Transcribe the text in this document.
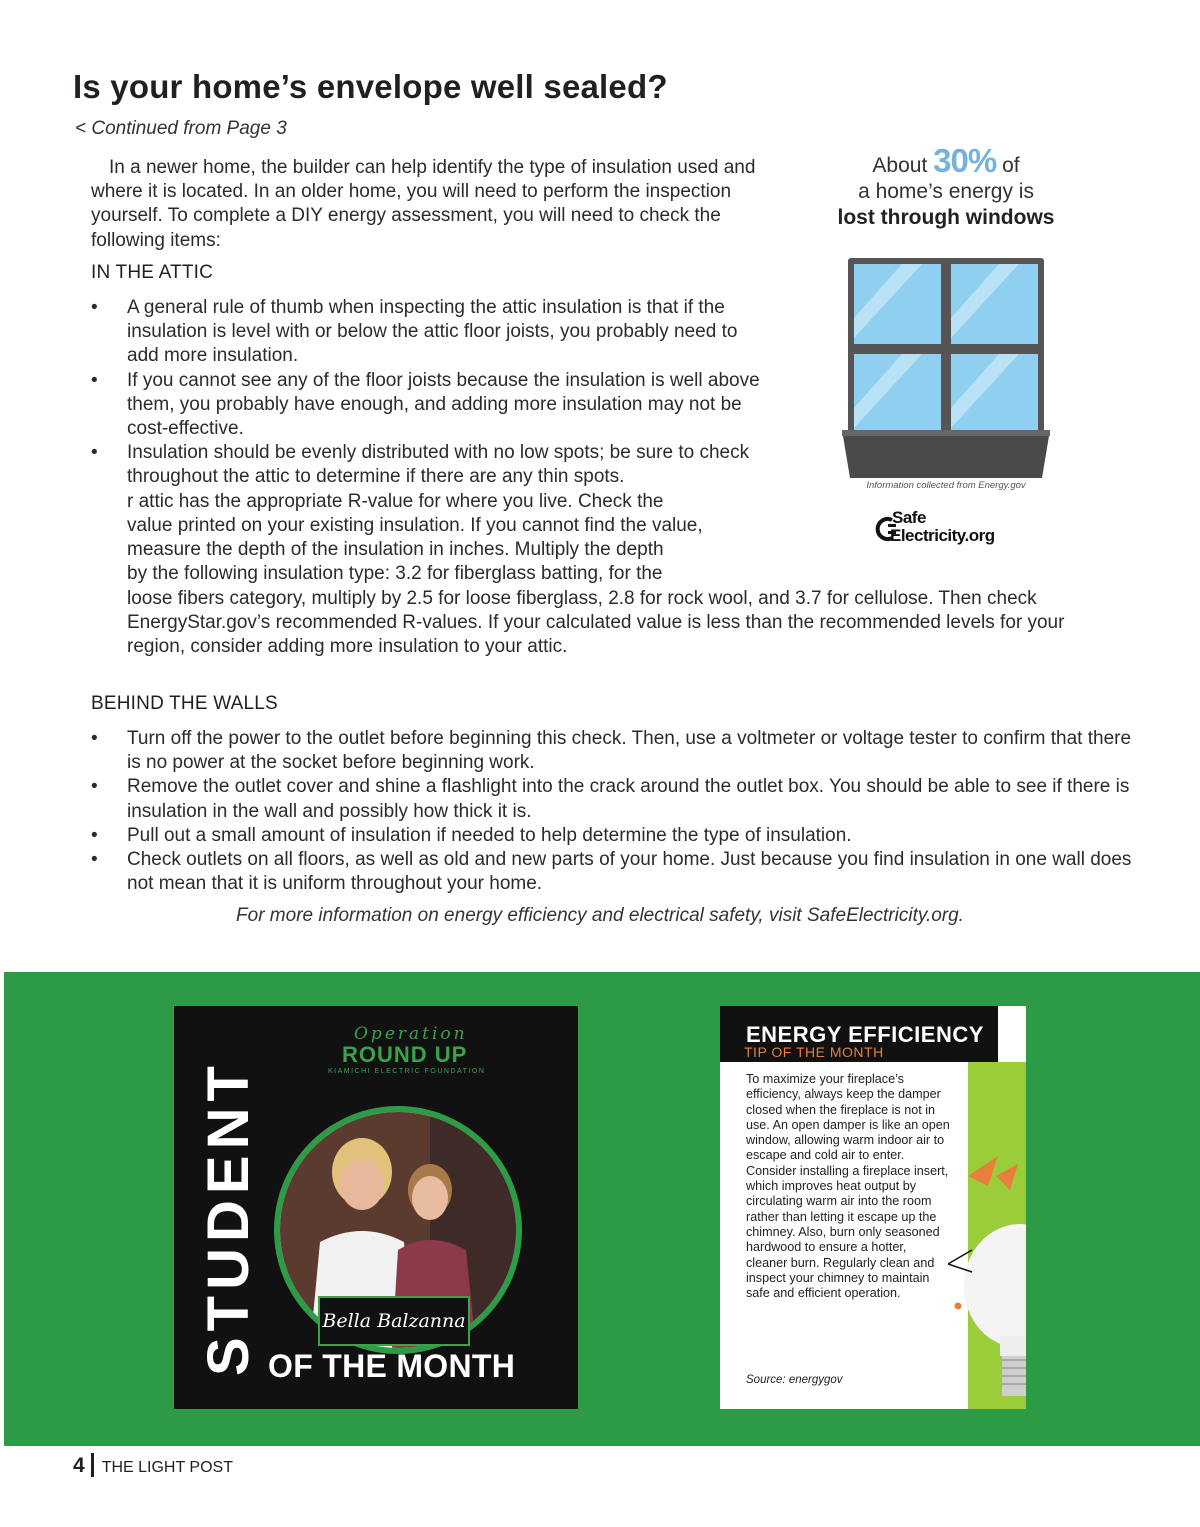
Is your home’s envelope well sealed?
< Continued from Page 3

In a newer home, the builder can help identify the type of insulation used and where it is located. In an older home, you will need to perform the inspection yourself. To complete a DIY energy assessment, you will need to check the following items:

IN THE ATTIC
• A general rule of thumb when inspecting the attic insulation is that if the insulation is level with or below the attic floor joists, you probably need to add more insulation.
• If you cannot see any of the floor joists because the insulation is well above them, you probably have enough, and adding more insulation may not be cost-effective.
• Insulation should be evenly distributed with no low spots; be sure to check throughout the attic to determine if there are any thin spots.
r attic has the appropriate R-value for where you live. Check the
value printed on your existing insulation. If you cannot find the value,
measure the depth of the insulation in inches. Multiply the depth
by the following insulation type: 3.2 for fiberglass batting, for the
loose fibers category, multiply by 2.5 for loose fiberglass, 2.8 for rock wool, and 3.7 for cellulose. Then check
EnergyStar.gov’s recommended R-values. If your calculated value is less than the recommended levels for your
region, consider adding more insulation to your attic.
BEHIND THE WALLS
• Turn off the power to the outlet before beginning this check. Then, use a voltmeter or voltage tester to confirm that there is no power at the socket before beginning work.
• Remove the outlet cover and shine a flashlight into the crack around the outlet box. You should be able to see if there is insulation in the wall and possibly how thick it is.
• Pull out a small amount of insulation if needed to help determine the type of insulation.
• Check outlets on all floors, as well as old and new parts of your home. Just because you find insulation in one wall does not mean that it is uniform throughout your home.
For more information on energy efficiency and electrical safety, visit SafeElectricity.org.
About 30% of
a home’s energy is
lost through windows
Information collected from Energy.gov
Safe
Electricity.org
STUDENT
Operation
ROUND UP
KIAMICHI ELECTRIC FOUNDATION
Bella Balzanna
OF THE MONTH
ENERGY EFFICIENCY
TIP OF THE MONTH
To maximize your fireplace’s efficiency, always keep the damper closed when the fireplace is not in use. An open damper is like an open window, allowing warm indoor air to escape and cold air to enter. Consider installing a fireplace insert, which improves heat output by circulating warm air into the room rather than letting it escape up the chimney. Also, burn only seasoned hardwood to ensure a hotter, cleaner burn. Regularly clean and inspect your chimney to maintain safe and efficient operation.
Source: energygov
4 THE LIGHT POST
